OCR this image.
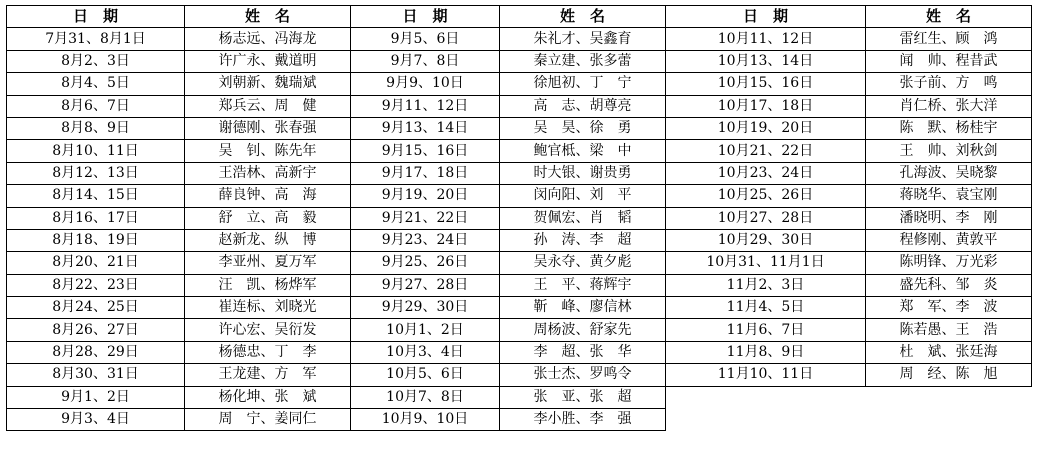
日　期	姓　名	日　期	姓　名	日　期	姓　名
7月31、8月1日	杨志远、冯海龙	9月5、6日	朱礼才、吴鑫育	10月11、12日	雷红生、顾　鸿
8月2、3日	许广永、戴道明	9月7、8日	秦立建、张多蕾	10月13、14日	闻　帅、程昔武
8月4、5日	刘朝新、魏瑞斌	9月9、10日	徐旭初、丁　宁	10月15、16日	张子前、方　鸣
8月6、7日	郑兵云、周　健	9月11、12日	高　志、胡尊亮	10月17、18日	肖仁桥、张大洋
8月8、9日	谢德刚、张春强	9月13、14日	吴　昊、徐　勇	10月19、20日	陈　默、杨桂宇
8月10、11日	吴　钊、陈先年	9月15、16日	鲍官柢、梁　中	10月21、22日	王　帅、刘秋剑
8月12、13日	王浩林、高新宇	9月17、18日	时大银、谢贵勇	10月23、24日	孔海波、吴晓黎
8月14、15日	薛良钟、高　海	9月19、20日	闵向阳、刘　平	10月25、26日	蒋晓华、袁宝刚
8月16、17日	舒　立、高　毅	9月21、22日	贺佩宏、肖　韬	10月27、28日	潘晓明、李　刚
8月18、19日	赵新龙、纵　博	9月23、24日	孙　涛、李　超	10月29、30日	程修刚、黄敦平
8月20、21日	李亚州、夏万军	9月25、26日	吴永夺、黄夕彪	10月31、11月1日	陈明锋、万光彩
8月22、23日	汪　凯、杨烨军	9月27、28日	王　平、蒋辉宇	11月2、3日	盛先科、邹　炎
8月24、25日	崔连标、刘晓光	9月29、30日	靳　峰、廖信林	11月4、5日	郑　军、李　波
8月26、27日	许心宏、吴衍发	10月1、2日	周杨波、舒家先	11月6、7日	陈若愚、王　浩
8月28、29日	杨德忠、丁　李	10月3、4日	李　超、张　华	11月8、9日	杜　斌、张廷海
8月30、31日	王龙建、方　军	10月5、6日	张士杰、罗鸣令	11月10、11日	周　经、陈　旭
9月1、2日	杨化坤、张　斌	10月7、8日	张　亚、张　超		
9月3、4日	周　宁、姜同仁	10月9、10日	李小胜、李　强		
